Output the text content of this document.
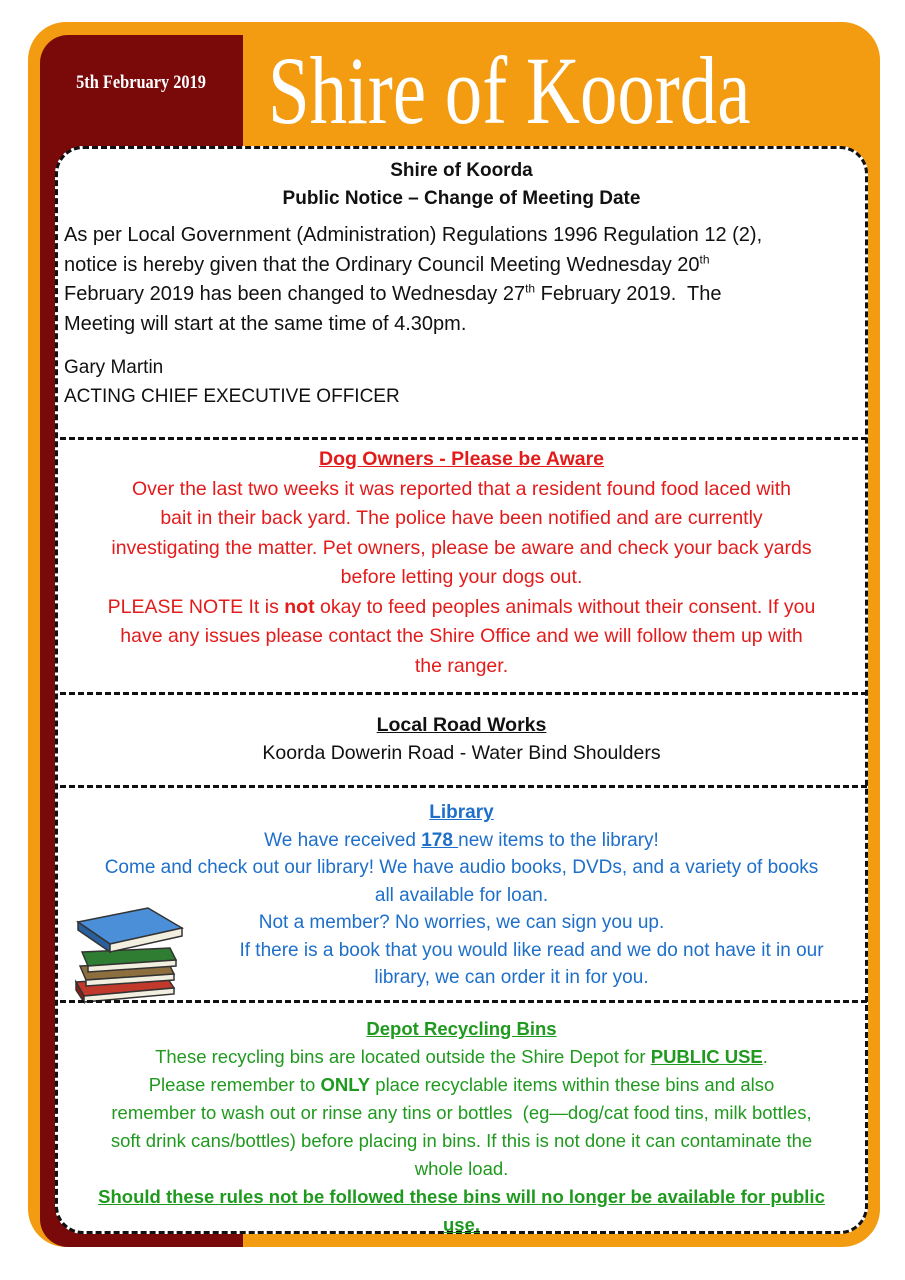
5th February 2019 Shire of Koorda
Shire of Koorda
Public Notice – Change of Meeting Date
As per Local Government (Administration) Regulations 1996 Regulation 12 (2),
notice is hereby given that the Ordinary Council Meeting Wednesday 20th
February 2019 has been changed to Wednesday 27th February 2019.  The
Meeting will start at the same time of 4.30pm.
Gary Martin
ACTING CHIEF EXECUTIVE OFFICER
Dog Owners - Please be Aware
Over the last two weeks it was reported that a resident found food laced with
bait in their back yard. The police have been notified and are currently
investigating the matter. Pet owners, please be aware and check your back yards
before letting your dogs out.
PLEASE NOTE It is not okay to feed peoples animals without their consent. If you
have any issues please contact the Shire Office and we will follow them up with
the ranger.
Local Road Works
Koorda Dowerin Road - Water Bind Shoulders
Library
We have received 178 new items to the library!
Come and check out our library! We have audio books, DVDs, and a variety of books
all available for loan.
Not a member? No worries, we can sign you up.
If there is a book that you would like read and we do not have it in our
library, we can order it in for you.
Depot Recycling Bins
These recycling bins are located outside the Shire Depot for PUBLIC USE.
Please remember to ONLY place recyclable items within these bins and also
remember to wash out or rinse any tins or bottles  (eg—dog/cat food tins, milk bottles,
soft drink cans/bottles) before placing in bins. If this is not done it can contaminate the
whole load.
Should these rules not be followed these bins will no longer be available for public
use.
